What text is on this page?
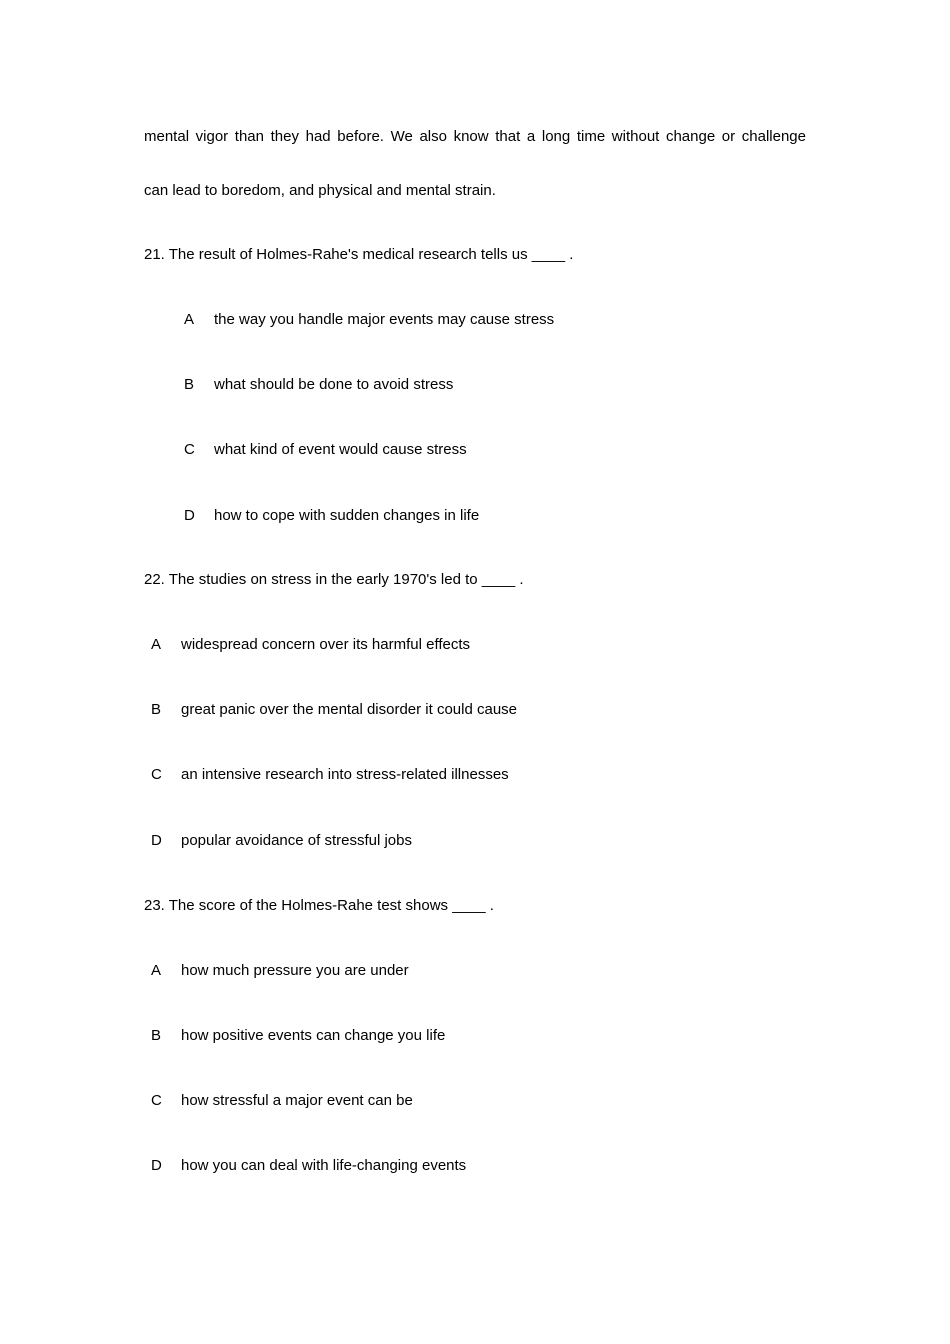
mental vigor than they had before. We also know that a long time without change or challenge
can lead to boredom, and physical and mental strain.
21. The result of Holmes-Rahe's medical research tells us ____ .
A the way you handle major events may cause stress
B what should be done to avoid stress
C what kind of event would cause stress
D how to cope with sudden changes in life
22. The studies on stress in the early 1970's led to ____ .
A widespread concern over its harmful effects
B great panic over the mental disorder it could cause
C an intensive research into stress-related illnesses
D popular avoidance of stressful jobs
23. The score of the Holmes-Rahe test shows ____ .
A how much pressure you are under
B how positive events can change you life
C how stressful a major event can be
D how you can deal with life-changing events
